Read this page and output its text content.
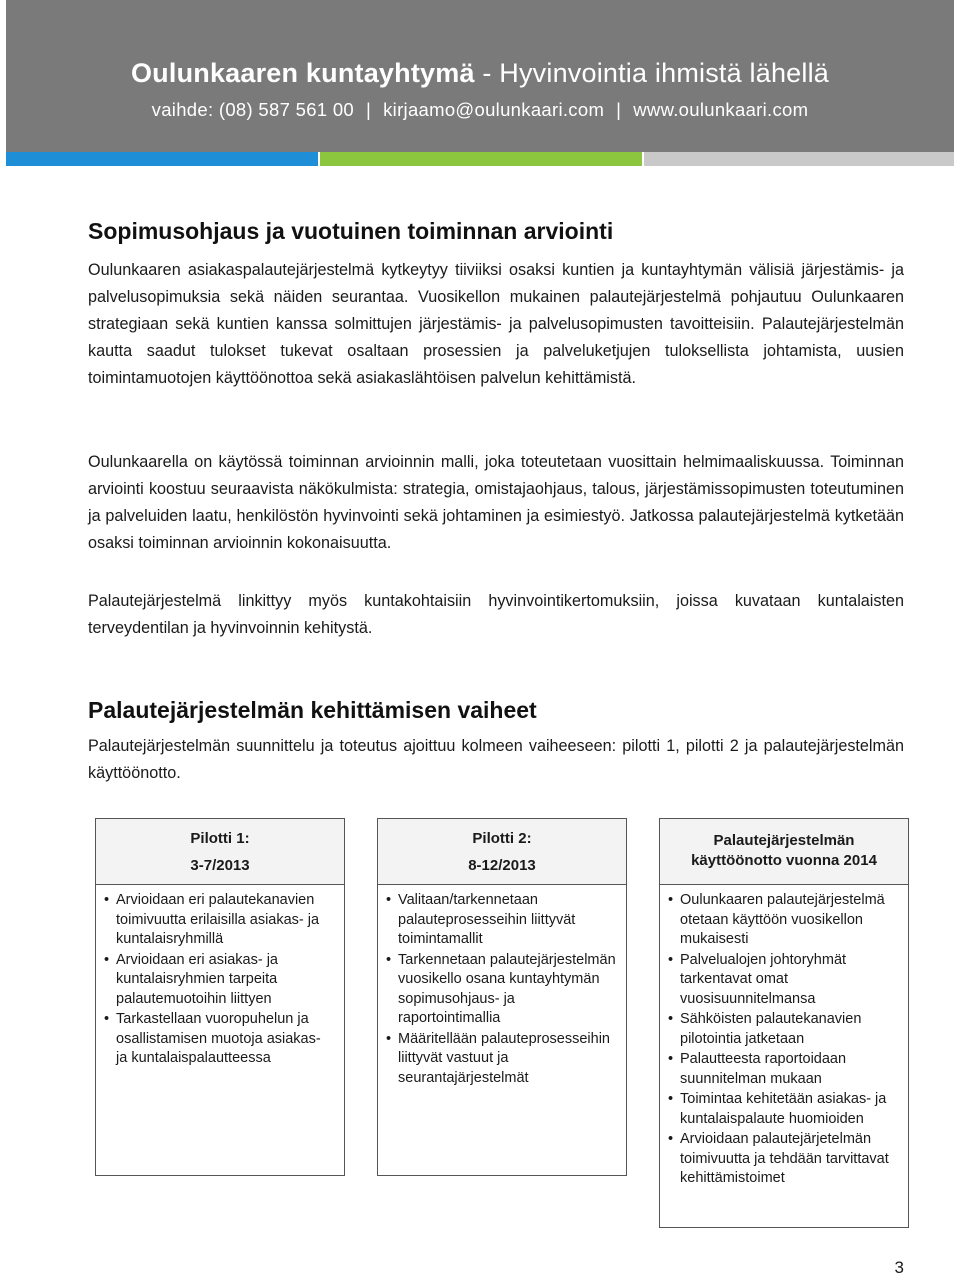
Oulunkaaren kuntayhtymä - Hyvinvointia ihmistä lähellä
vaihde: (08) 587 561 00 | kirjaamo@oulunkaari.com | www.oulunkaari.com
Sopimusohjaus ja vuotuinen toiminnan arviointi

Oulunkaaren asiakaspalautejärjestelmä kytkeytyy tiiviiksi osaksi kuntien ja kuntayhtymän välisiä järjestämis- ja palvelusopimuksia sekä näiden seurantaa. Vuosikellon mukainen palautejärjestelmä pohjautuu Oulunkaaren strategiaan sekä kuntien kanssa solmittujen järjestämis- ja palvelusopimusten tavoitteisiin. Palautejärjestelmän kautta saadut tulokset tukevat osaltaan prosessien ja palveluketjujen tuloksellista johtamista, uusien toimintamuotojen käyttöönottoa sekä asiakaslähtöisen palvelun kehittämistä.

Oulunkaarella on käytössä toiminnan arvioinnin malli, joka toteutetaan vuosittain helmimaaliskuussa. Toiminnan arviointi koostuu seuraavista näkökulmista: strategia, omistajaohjaus, talous, järjestämissopimusten toteutuminen ja palveluiden laatu, henkilöstön hyvinvointi sekä johtaminen ja esimiestyö. Jatkossa palautejärjestelmä kytketään osaksi toiminnan arvioinnin kokonaisuutta.

Palautejärjestelmä linkittyy myös kuntakohtaisiin hyvinvointikertomuksiin, joissa kuvataan kuntalaisten terveydentilan ja hyvinvoinnin kehitystä.

Palautejärjestelmän kehittämisen vaiheet

Palautejärjestelmän suunnittelu ja toteutus ajoittuu kolmeen vaiheeseen: pilotti 1, pilotti 2 ja palautejärjestelmän käyttöönotto.

Pilotti 1:
3-7/2013
• Arvioidaan eri palautekanavien toimivuutta erilaisilla asiakas- ja kuntalaisryhmillä
• Arvioidaan eri asiakas- ja kuntalaisryhmien tarpeita palautemuotoihin liittyen
• Tarkastellaan vuoropuhelun ja osallistamisen muotoja asiakas- ja kuntalaispalautteessa
Pilotti 2:
8-12/2013
• Valitaan/tarkennetaan palauteprosesseihin liittyvät toimintamallit
• Tarkennetaan palautejärjestelmän vuosikello osana kuntayhtymän sopimusohjaus- ja raportointimallia
• Määritellään palauteprosesseihin liittyvät vastuut ja seurantajärjestelmät
Palautejärjestelmän
käyttöönotto vuonna 2014
• Oulunkaaren palautejärjestelmä otetaan käyttöön vuosikellon mukaisesti
• Palvelualojen johtoryhmät tarkentavat omat vuosisuunnitelmansa
• Sähköisten palautekanavien pilotointia jatketaan
• Palautteesta raportoidaan suunnitelman mukaan
• Toimintaa kehitetään asiakas- ja kuntalaispalaute huomioiden
• Arvioidaan palautejärjetelmän toimivuutta ja tehdään tarvittavat kehittämistoimet
3
